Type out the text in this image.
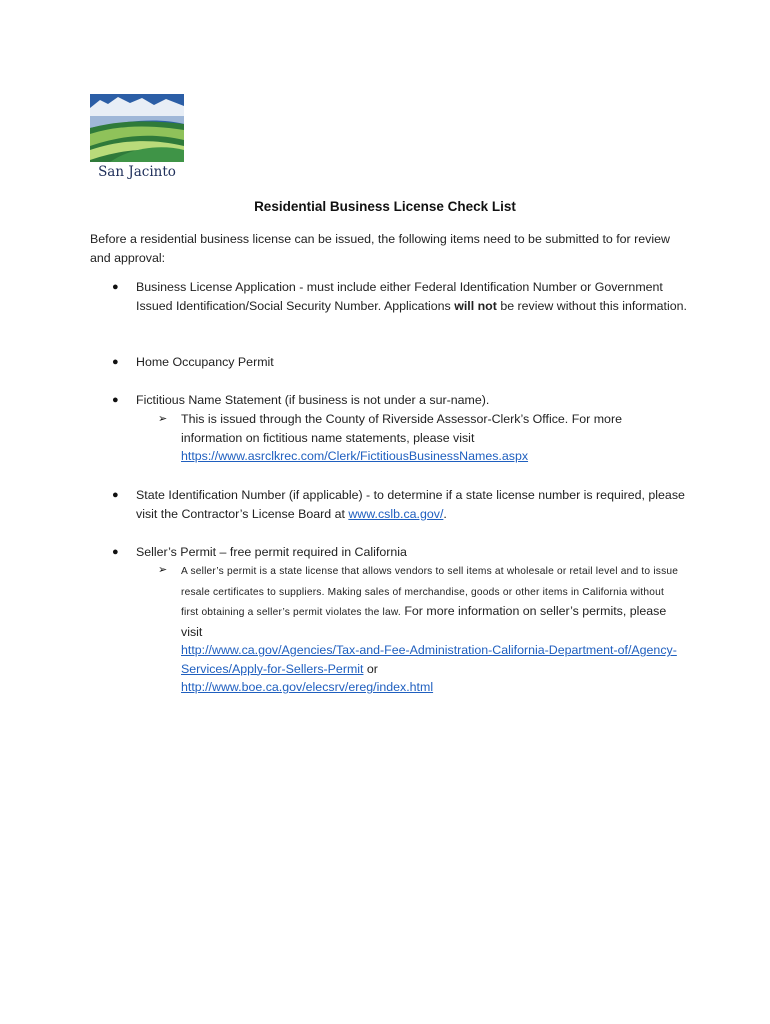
San Jacinto
Residential Business License Check List
Before a residential business license can be issued, the following items need to be submitted to for review and approval:
●	Business License Application - must include either Federal Identification Number or Government Issued Identification/Social Security Number. Applications will not be review without this information.
●	Home Occupancy Permit
●	Fictitious Name Statement (if business is not under a sur-name).
➢ This is issued through the County of Riverside Assessor-Clerk’s Office. For more information on fictitious name statements, please visit
https://www.asrclkrec.com/Clerk/FictitiousBusinessNames.aspx
●	State Identification Number (if applicable) - to determine if a state license number is required, please visit the Contractor’s License Board at www.cslb.ca.gov/.
●	Seller’s Permit – free permit required in California
➢ A seller’s permit is a state license that allows vendors to sell items at wholesale or retail level and to issue resale certificates to suppliers. Making sales of merchandise, goods or other items in California without first obtaining a seller’s permit violates the law. For more information on seller’s permits, please visit
http://www.ca.gov/Agencies/Tax-and-Fee-Administration-California-Department-of/Agency-Services/Apply-for-Sellers-Permit or
http://www.boe.ca.gov/elecsrv/ereg/index.html
